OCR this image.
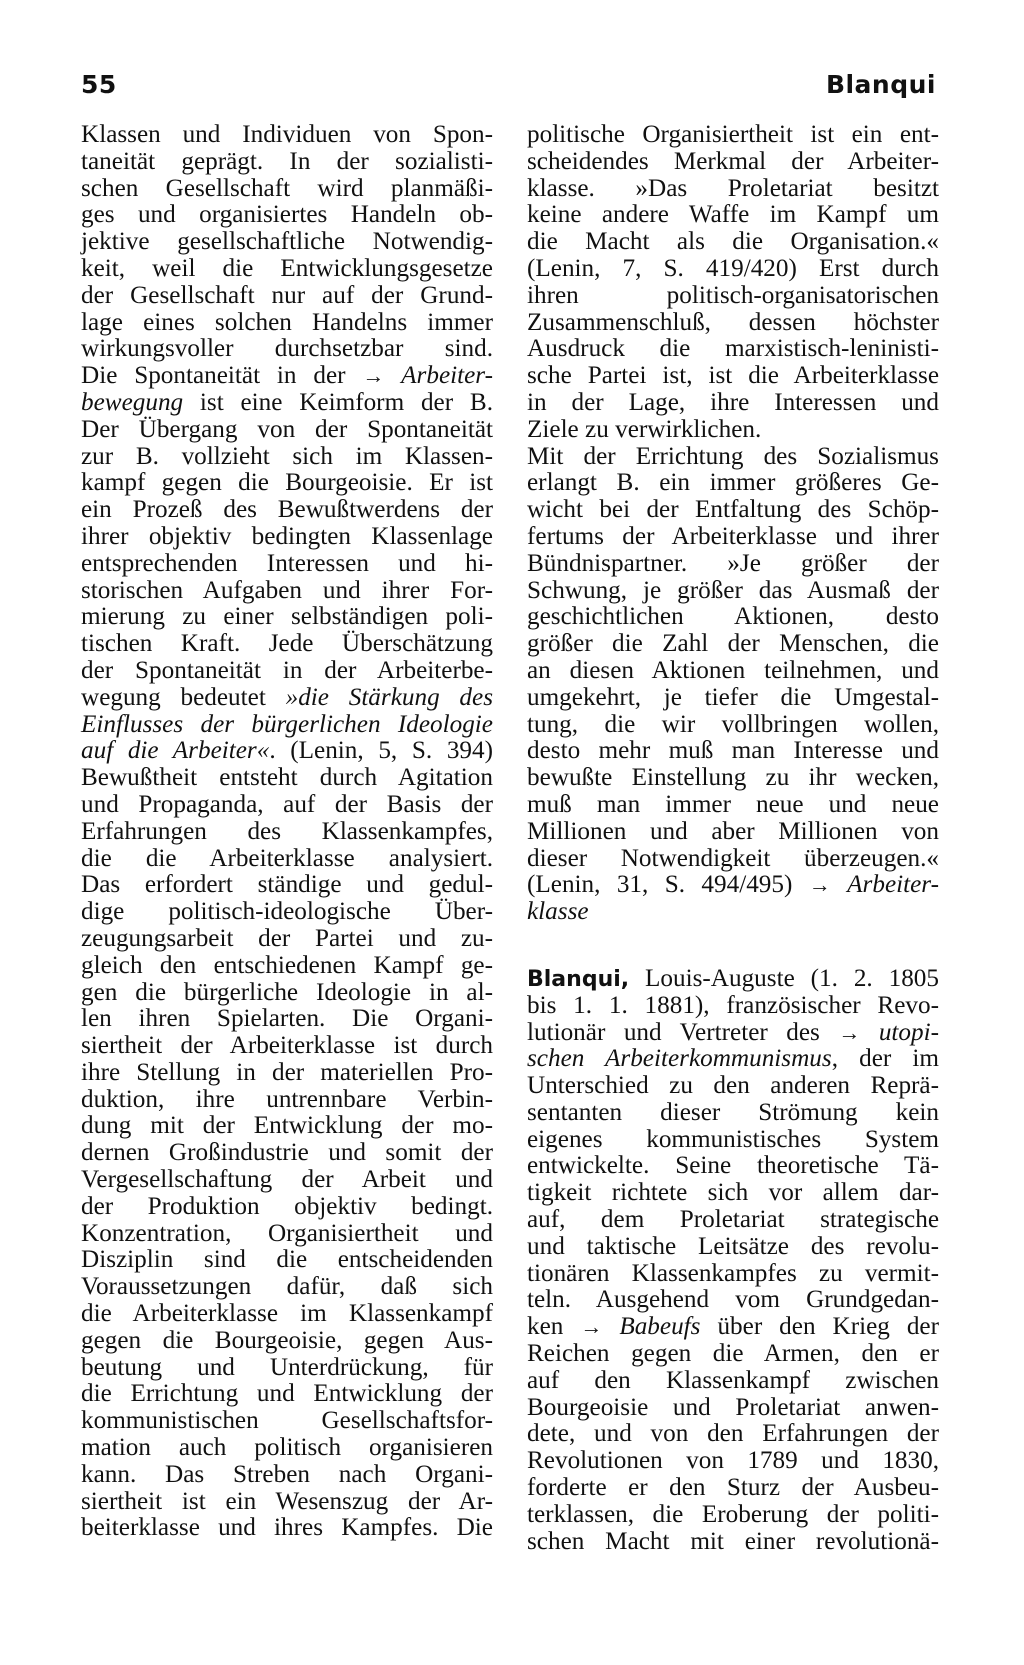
55	Blanqui
Klassen und Individuen von Spon-
taneität geprägt. In der sozialisti-
schen Gesellschaft wird planmäßi-
ges und organisiertes Handeln ob-
jektive gesellschaftliche Notwendig-
keit, weil die Entwicklungsgesetze
der Gesellschaft nur auf der Grund-
lage eines solchen Handelns immer
wirkungsvoller durchsetzbar sind.
Die Spontaneität in der → Arbeiter-
bewegung ist eine Keimform der B.
Der Übergang von der Spontaneität
zur B. vollzieht sich im Klassen-
kampf gegen die Bourgeoisie. Er ist
ein Prozeß des Bewußtwerdens der
ihrer objektiv bedingten Klassenlage
entsprechenden Interessen und hi-
storischen Aufgaben und ihrer For-
mierung zu einer selbständigen poli-
tischen Kraft. Jede Überschätzung
der Spontaneität in der Arbeiterbe-
wegung bedeutet »die Stärkung des
Einflusses der bürgerlichen Ideologie
auf die Arbeiter«. (Lenin, 5, S. 394)
Bewußtheit entsteht durch Agitation
und Propaganda, auf der Basis der
Erfahrungen des Klassenkampfes,
die die Arbeiterklasse analysiert.
Das erfordert ständige und gedul-
dige politisch-ideologische Über-
zeugungsarbeit der Partei und zu-
gleich den entschiedenen Kampf ge-
gen die bürgerliche Ideologie in al-
len ihren Spielarten. Die Organi-
siertheit der Arbeiterklasse ist durch
ihre Stellung in der materiellen Pro-
duktion, ihre untrennbare Verbin-
dung mit der Entwicklung der mo-
dernen Großindustrie und somit der
Vergesellschaftung der Arbeit und
der Produktion objektiv bedingt.
Konzentration, Organisiertheit und
Disziplin sind die entscheidenden
Voraussetzungen dafür, daß sich
die Arbeiterklasse im Klassenkampf
gegen die Bourgeoisie, gegen Aus-
beutung und Unterdrückung, für
die Errichtung und Entwicklung der
kommunistischen Gesellschaftsfor-
mation auch politisch organisieren
kann. Das Streben nach Organi-
siertheit ist ein Wesenszug der Ar-
beiterklasse und ihres Kampfes. Die
politische Organisiertheit ist ein ent-
scheidendes Merkmal der Arbeiter-
klasse. »Das Proletariat besitzt
keine andere Waffe im Kampf um
die Macht als die Organisation.«
(Lenin, 7, S. 419/420) Erst durch
ihren politisch-organisatorischen
Zusammenschluß, dessen höchster
Ausdruck die marxistisch-leninisti-
sche Partei ist, ist die Arbeiterklasse
in der Lage, ihre Interessen und
Ziele zu verwirklichen.
Mit der Errichtung des Sozialismus
erlangt B. ein immer größeres Ge-
wicht bei der Entfaltung des Schöp-
fertums der Arbeiterklasse und ihrer
Bündnispartner. »Je größer der
Schwung, je größer das Ausmaß der
geschichtlichen Aktionen, desto
größer die Zahl der Menschen, die
an diesen Aktionen teilnehmen, und
umgekehrt, je tiefer die Umgestal-
tung, die wir vollbringen wollen,
desto mehr muß man Interesse und
bewußte Einstellung zu ihr wecken,
muß man immer neue und neue
Millionen und aber Millionen von
dieser Notwendigkeit überzeugen.«
(Lenin, 31, S. 494/495) → Arbeiter-
klasse
Blanqui, Louis-Auguste (1. 2. 1805
bis 1. 1. 1881), französischer Revo-
lutionär und Vertreter des → utopi-
schen Arbeiterkommunismus, der im
Unterschied zu den anderen Reprä-
sentanten dieser Strömung kein
eigenes kommunistisches System
entwickelte. Seine theoretische Tä-
tigkeit richtete sich vor allem dar-
auf, dem Proletariat strategische
und taktische Leitsätze des revolu-
tionären Klassenkampfes zu vermit-
teln. Ausgehend vom Grundgedan-
ken → Babeufs über den Krieg der
Reichen gegen die Armen, den er
auf den Klassenkampf zwischen
Bourgeoisie und Proletariat anwen-
dete, und von den Erfahrungen der
Revolutionen von 1789 und 1830,
forderte er den Sturz der Ausbeu-
terklassen, die Eroberung der politi-
schen Macht mit einer revolutionä-
